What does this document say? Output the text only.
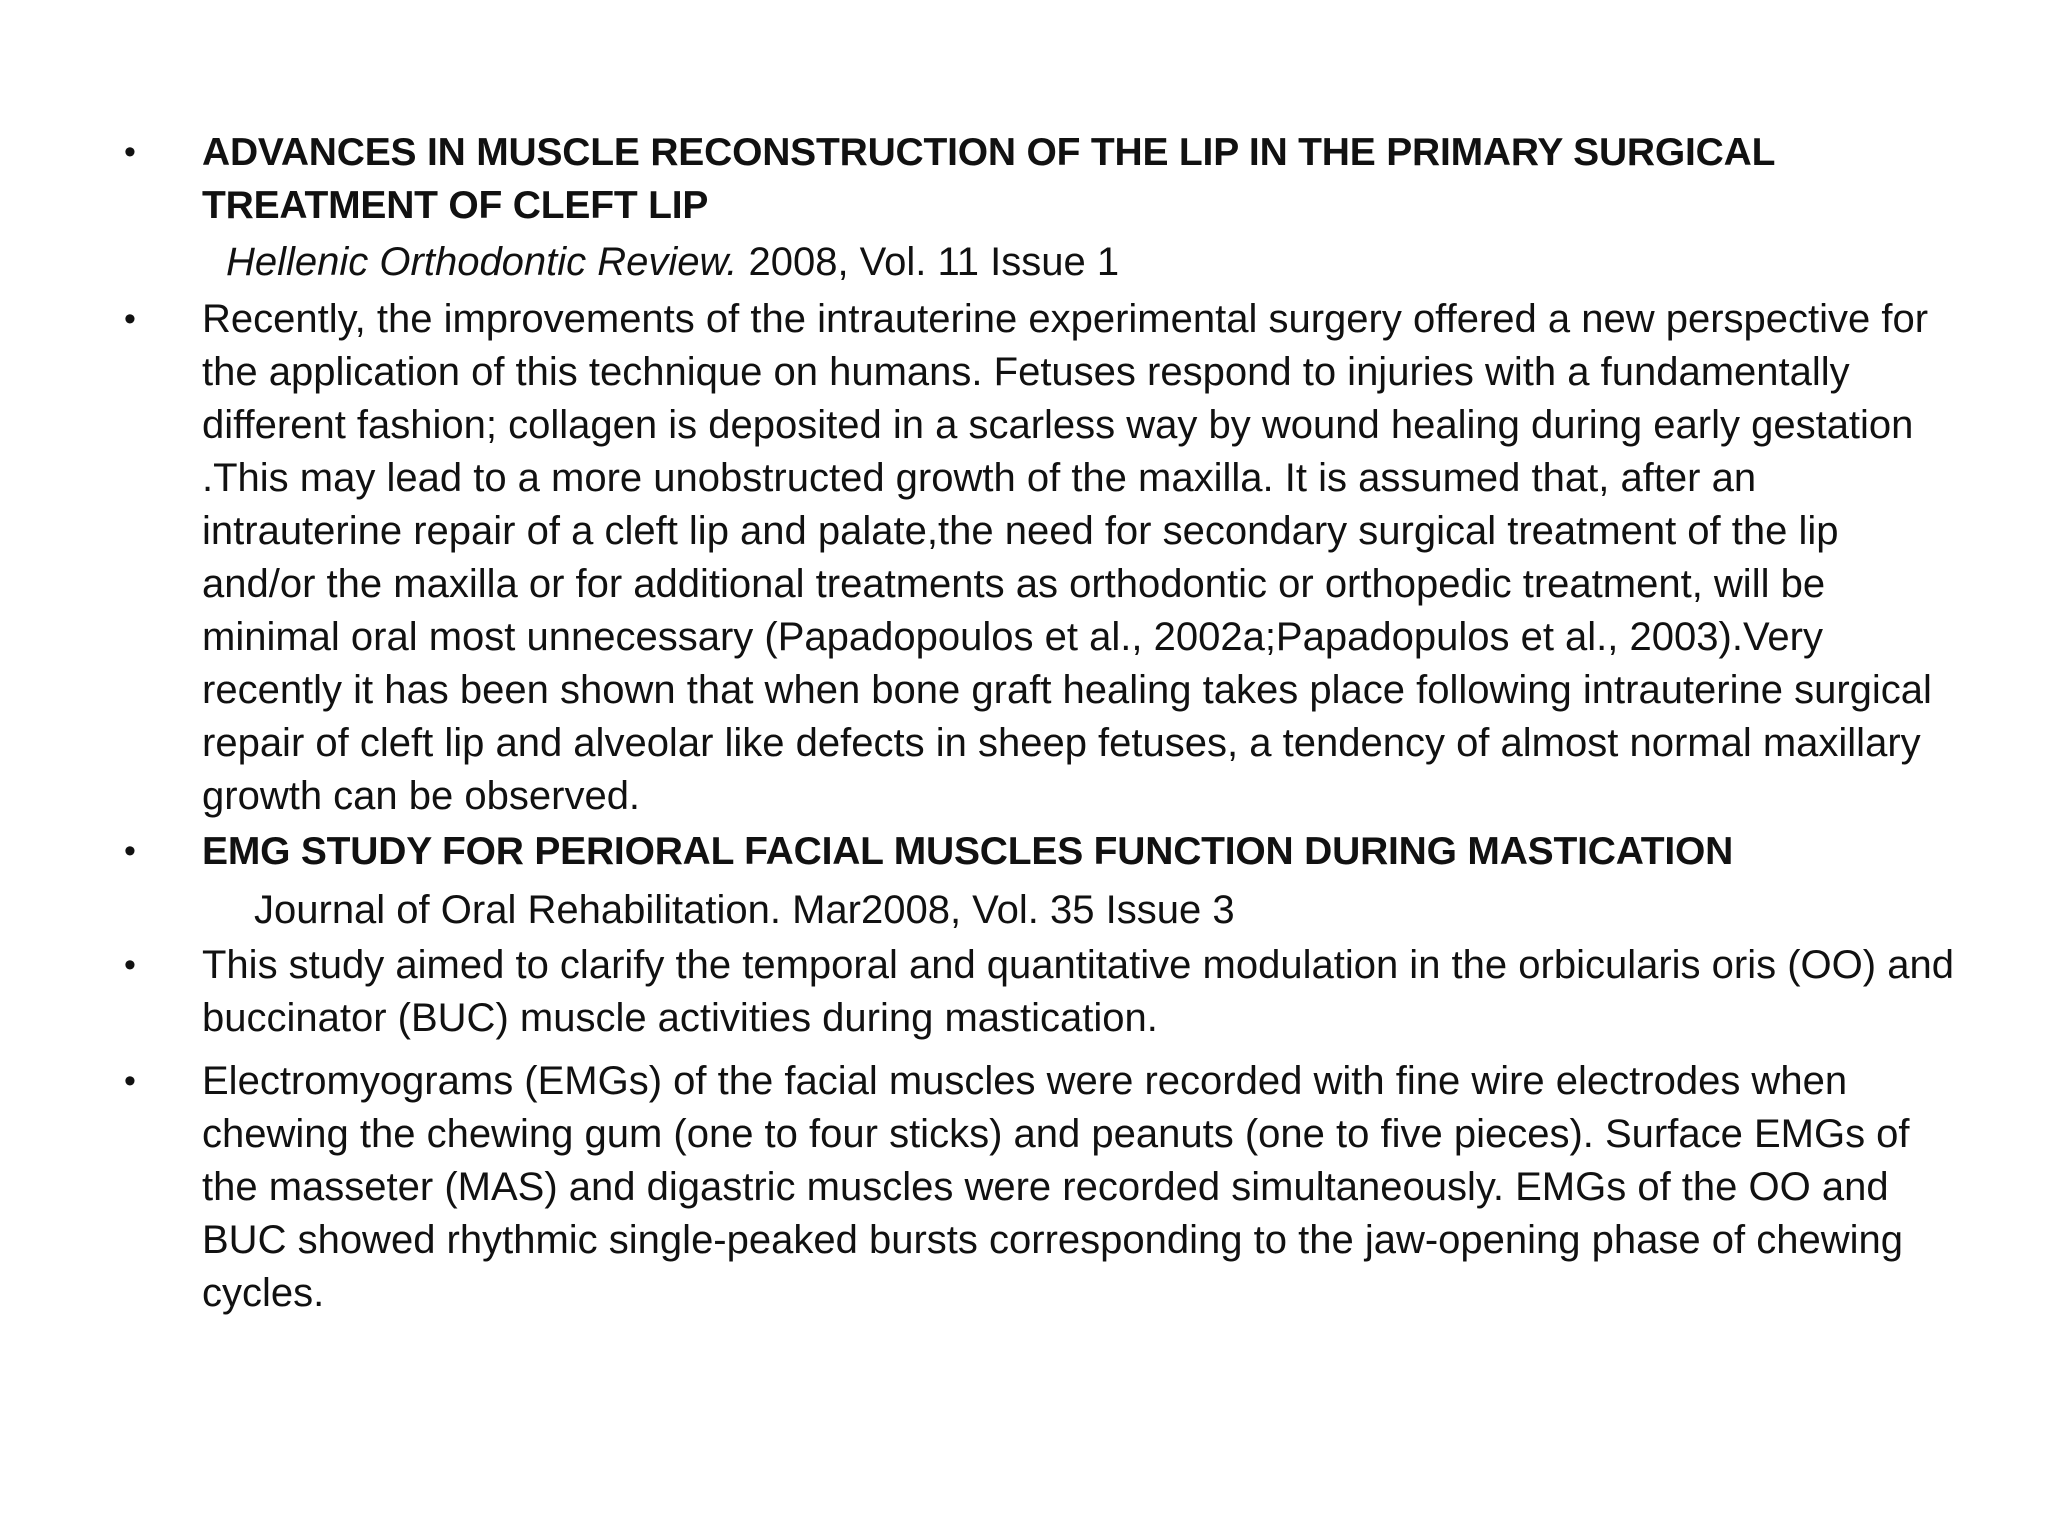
• ADVANCES IN MUSCLE RECONSTRUCTION OF THE LIP IN THE PRIMARY SURGICAL TREATMENT OF CLEFT LIP
Hellenic Orthodontic Review. 2008, Vol. 11 Issue 1
• Recently, the improvements of the intrauterine experimental surgery offered a new perspective for the application of this technique on humans. Fetuses respond to injuries with a fundamentally different fashion; collagen is deposited in a scarless way by wound healing during early gestation .This may lead to a more unobstructed growth of the maxilla. It is assumed that, after an intrauterine repair of a cleft lip and palate,the need for secondary surgical treatment of the lip and/or the maxilla or for additional treatments as orthodontic or orthopedic treatment, will be minimal oral most unnecessary (Papadopoulos et al., 2002a;Papadopulos et al., 2003).Very recently it has been shown that when bone graft healing takes place following intrauterine surgical repair of cleft lip and alveolar like defects in sheep fetuses, a tendency of almost normal maxillary growth can be observed.
• EMG STUDY FOR PERIORAL FACIAL MUSCLES FUNCTION DURING MASTICATION
Journal of Oral Rehabilitation. Mar2008, Vol. 35 Issue 3
• This study aimed to clarify the temporal and quantitative modulation in the orbicularis oris (OO) and buccinator (BUC) muscle activities during mastication.
• Electromyograms (EMGs) of the facial muscles were recorded with fine wire electrodes when chewing the chewing gum (one to four sticks) and peanuts (one to five pieces). Surface EMGs of the masseter (MAS) and digastric muscles were recorded simultaneously. EMGs of the OO and BUC showed rhythmic single-peaked bursts corresponding to the jaw-opening phase of chewing cycles.
